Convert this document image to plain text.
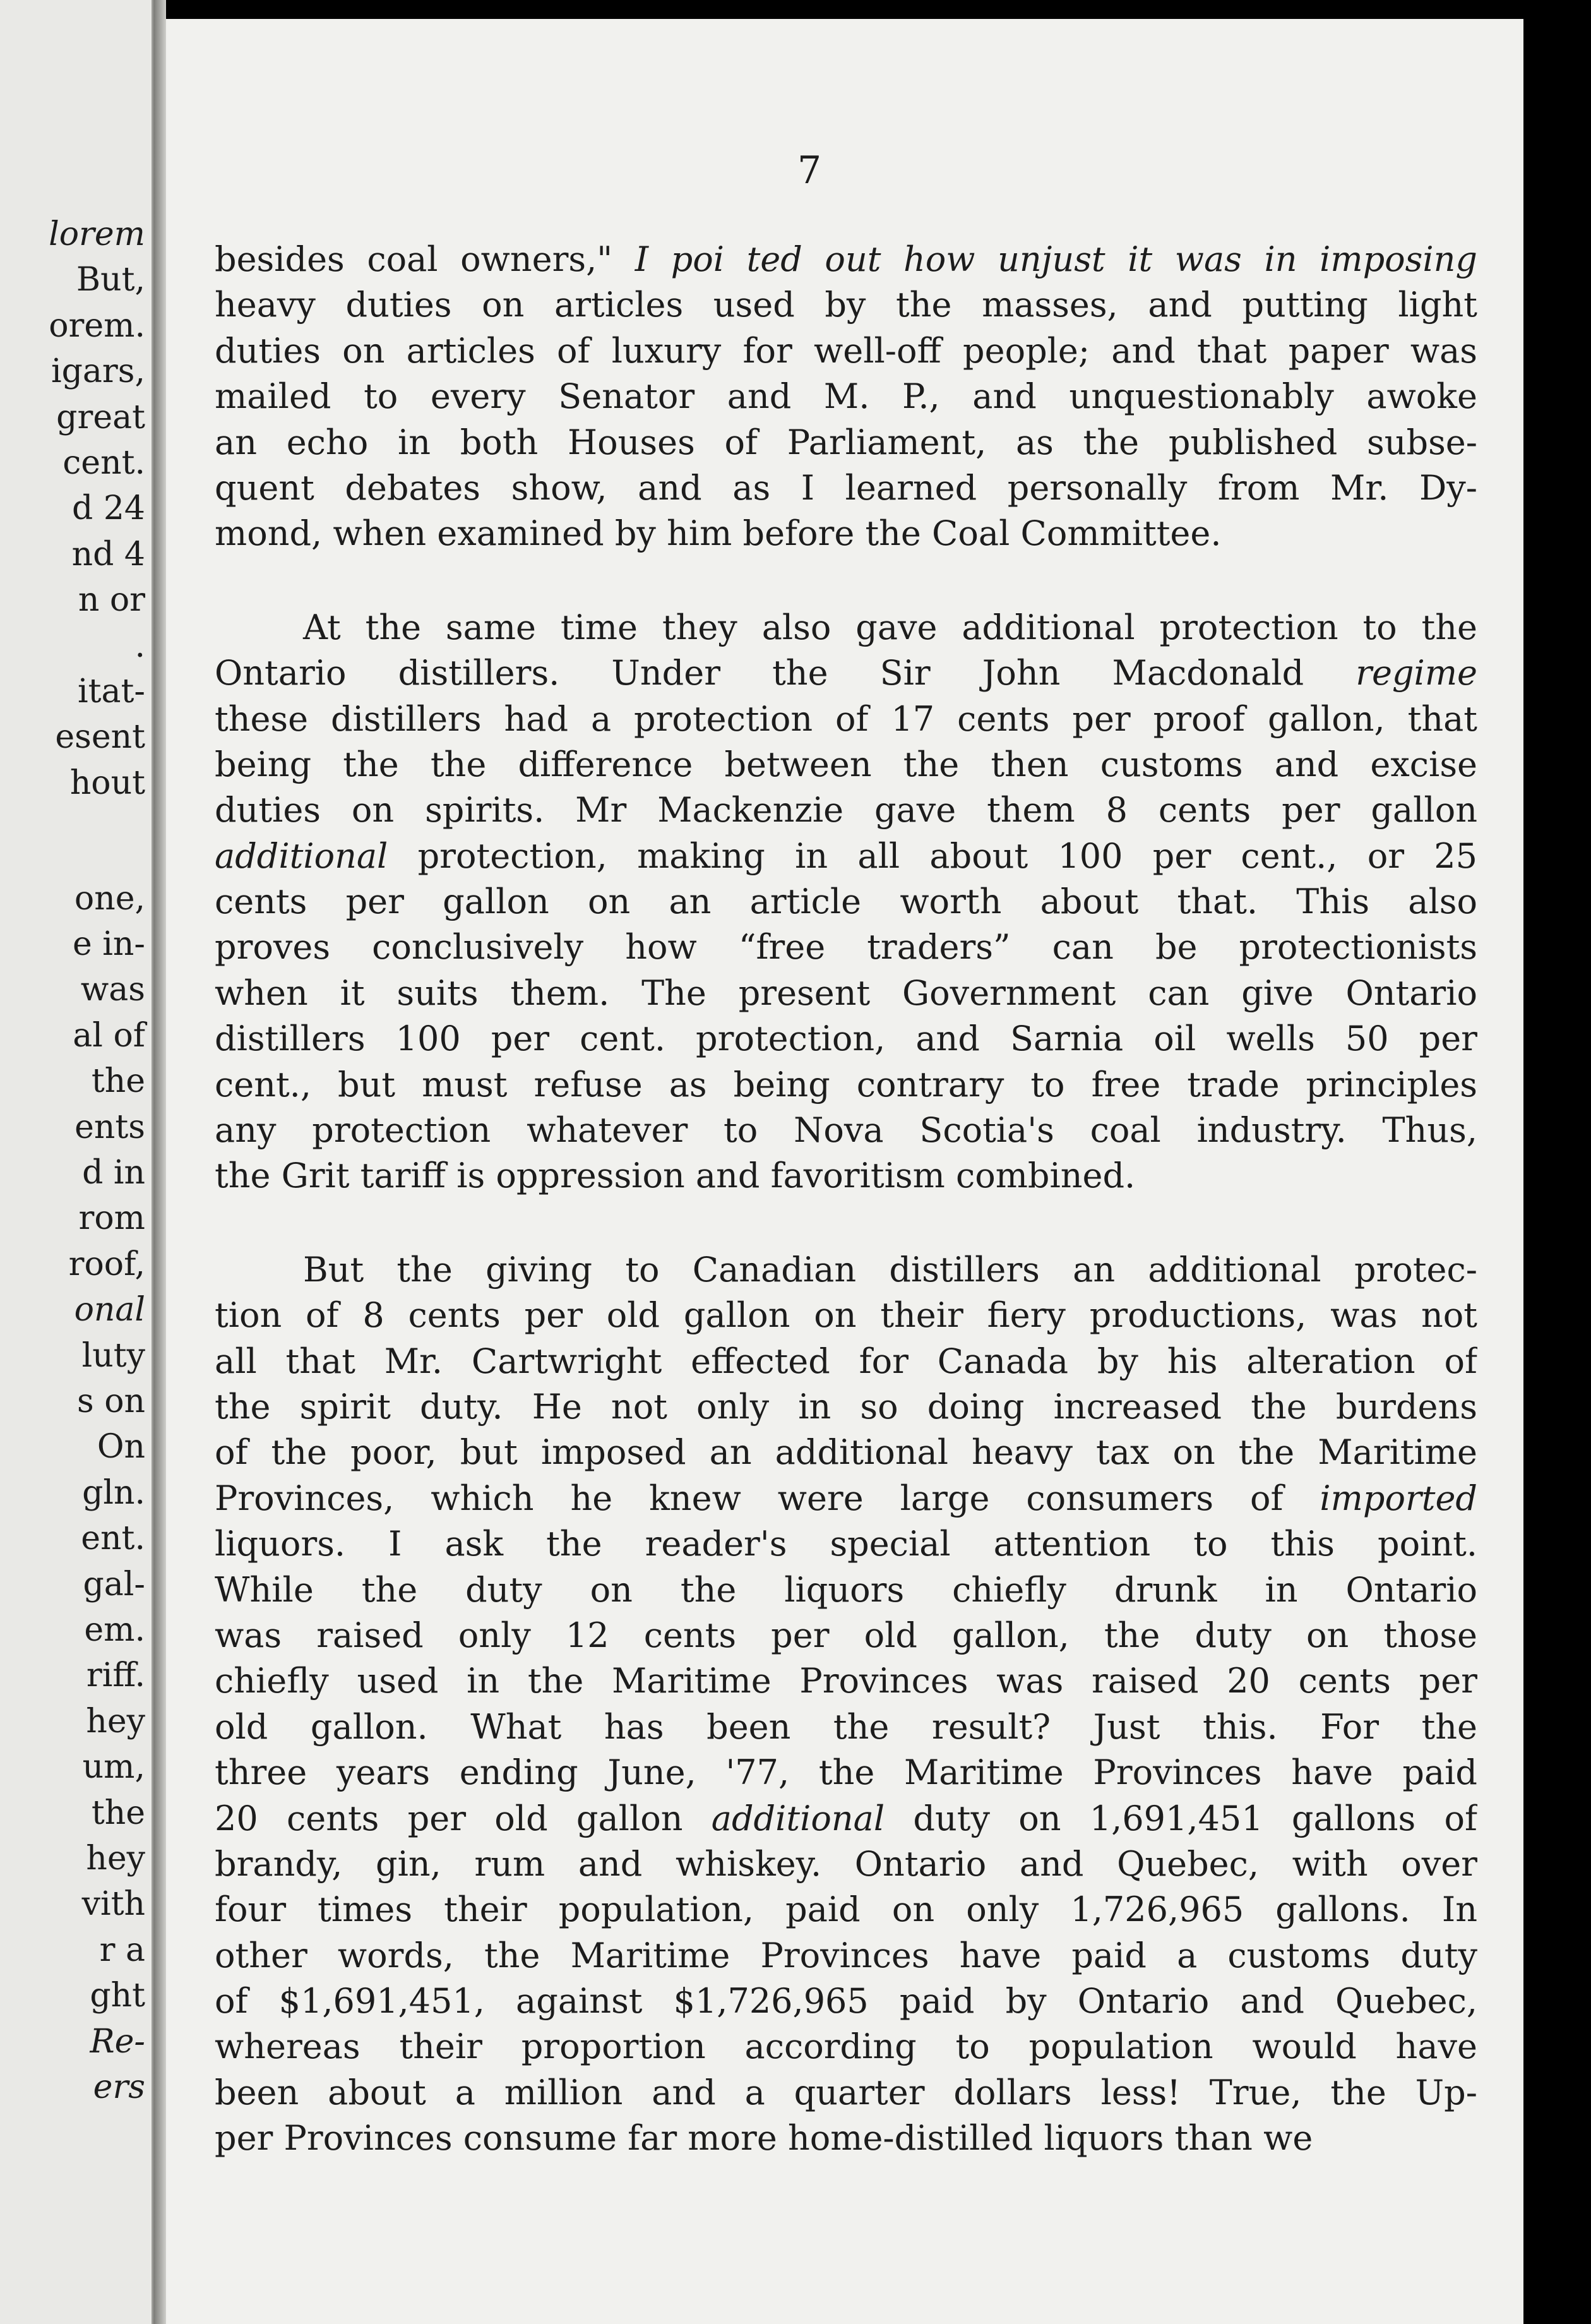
lorem
But,
orem.
igars,
great
cent.
d 24
nd 4
n or
.
itat-
esent
hout
one,
e in-
was
al of
the
ents
d in
rom
roof,
onal
luty
s on
On
gln.
ent.
gal-
em.
riff.
hey
um,
the
hey
vith
r a
ght
Re-
ers
7
besides coal owners," I poi ted out how unjust it was in imposing
heavy duties on articles used by the masses, and putting light
duties on articles of luxury for well-off people; and that paper was
mailed to every Senator and M. P., and unquestionably awoke
an echo in both Houses of Parliament, as the published subse-
quent debates show, and as I learned personally from Mr. Dy-
mond, when examined by him before the Coal Committee.
At the same time they also gave additional protection to the
Ontario distillers. Under the Sir John Macdonald regime
these distillers had a protection of 17 cents per proof gallon, that
being the the difference between the then customs and excise
duties on spirits. Mr Mackenzie gave them 8 cents per gallon
additional protection, making in all about 100 per cent., or 25
cents per gallon on an article worth about that. This also
proves conclusively how “free traders” can be protectionists
when it suits them. The present Government can give Ontario
distillers 100 per cent. protection, and Sarnia oil wells 50 per
cent., but must refuse as being contrary to free trade principles
any protection whatever to Nova Scotia's coal industry. Thus,
the Grit tariff is oppression and favoritism combined.
But the giving to Canadian distillers an additional protec-
tion of 8 cents per old gallon on their fiery productions, was not
all that Mr. Cartwright effected for Canada by his alteration of
the spirit duty. He not only in so doing increased the burdens
of the poor, but imposed an additional heavy tax on the Maritime
Provinces, which he knew were large consumers of imported
liquors. I ask the reader's special attention to this point.
While the duty on the liquors chiefly drunk in Ontario
was raised only 12 cents per old gallon, the duty on those
chiefly used in the Maritime Provinces was raised 20 cents per
old gallon. What has been the result? Just this. For the
three years ending June, '77, the Maritime Provinces have paid
20 cents per old gallon additional duty on 1,691,451 gallons of
brandy, gin, rum and whiskey. Ontario and Quebec, with over
four times their population, paid on only 1,726,965 gallons. In
other words, the Maritime Provinces have paid a customs duty
of $1,691,451, against $1,726,965 paid by Ontario and Quebec,
whereas their proportion according to population would have
been about a million and a quarter dollars less! True, the Up-
per Provinces consume far more home-distilled liquors than we
